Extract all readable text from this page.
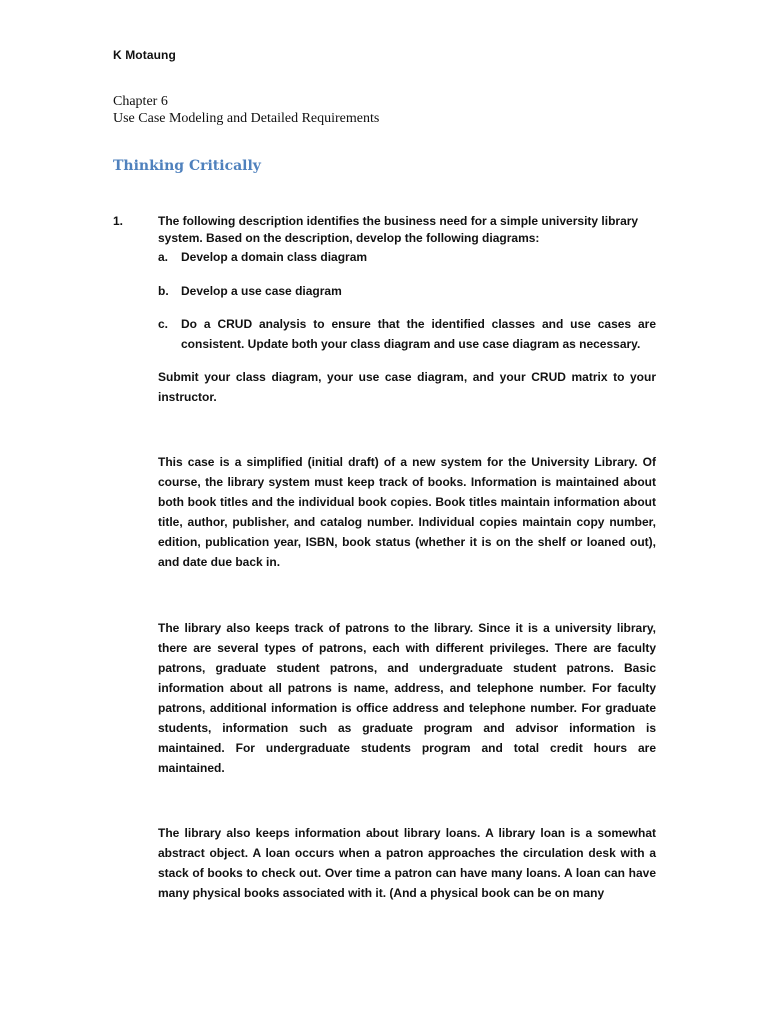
K Motaung
Chapter 6
Use Case Modeling and Detailed Requirements
Thinking Critically
1.	The following description identifies the business need for a simple university library system. Based on the description, develop the following diagrams:
a. Develop a domain class diagram
b. Develop a use case diagram
c. Do a CRUD analysis to ensure that the identified classes and use cases are consistent. Update both your class diagram and use case diagram as necessary.
Submit your class diagram, your use case diagram, and your CRUD matrix to your instructor.
This case is a simplified (initial draft) of a new system for the University Library. Of course, the library system must keep track of books. Information is maintained about both book titles and the individual book copies. Book titles maintain information about title, author, publisher, and catalog number. Individual copies maintain copy number, edition, publication year, ISBN, book status (whether it is on the shelf or loaned out), and date due back in.
The library also keeps track of patrons to the library. Since it is a university library, there are several types of patrons, each with different privileges. There are faculty patrons, graduate student patrons, and undergraduate student patrons. Basic information about all patrons is name, address, and telephone number. For faculty patrons, additional information is office address and telephone number. For graduate students, information such as graduate program and advisor information is maintained. For undergraduate students program and total credit hours are maintained.
The library also keeps information about library loans. A library loan is a somewhat abstract object. A loan occurs when a patron approaches the circulation desk with a stack of books to check out. Over time a patron can have many loans. A loan can have many physical books associated with it. (And a physical book can be on many
